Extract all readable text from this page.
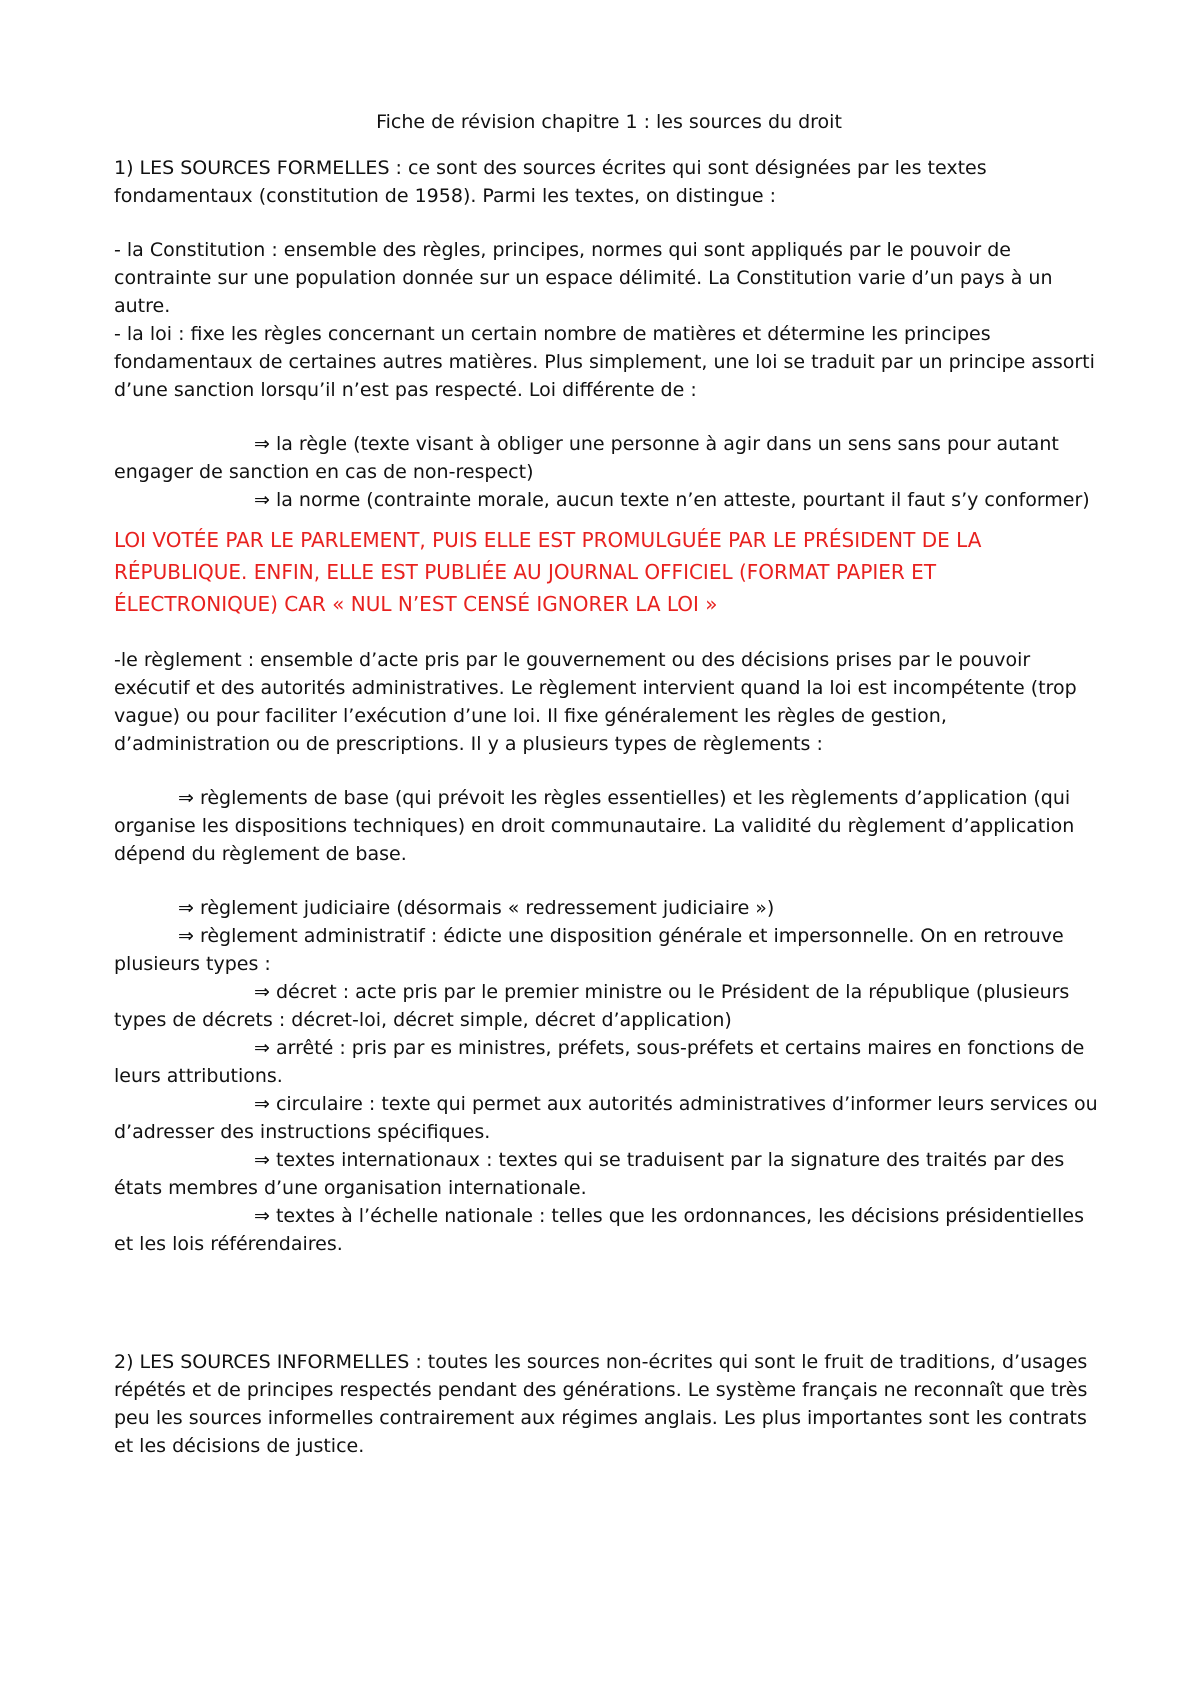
Fiche de révision chapitre 1 : les sources du droit

1) LES SOURCES FORMELLES : ce sont des sources écrites qui sont désignées par les textes fondamentaux (constitution de 1958). Parmi les textes, on distingue :

- la Constitution : ensemble des règles, principes, normes qui sont appliqués par le pouvoir de contrainte sur une population donnée sur un espace délimité. La Constitution varie d’un pays à un autre.

- la loi : fixe les règles concernant un certain nombre de matières et détermine les principes fondamentaux de certaines autres matières. Plus simplement, une loi se traduit par un principe assorti d’une sanction lorsqu’il n’est pas respecté. Loi différente de :

⇒ la règle (texte visant à obliger une personne à agir dans un sens sans pour autant engager de sanction en cas de non-respect)

⇒ la norme (contrainte morale, aucun texte n’en atteste, pourtant il faut s’y conformer)

LOI VOTÉE PAR LE PARLEMENT, PUIS ELLE EST PROMULGUÉE PAR LE PRÉSIDENT DE LA RÉPUBLIQUE. ENFIN, ELLE EST PUBLIÉE AU JOURNAL OFFICIEL (FORMAT PAPIER ET ÉLECTRONIQUE) CAR « NUL N’EST CENSÉ IGNORER LA LOI »

-le règlement : ensemble d’acte pris par le gouvernement ou des décisions prises par le pouvoir exécutif et des autorités administratives. Le règlement intervient quand la loi est incompétente (trop vague) ou pour faciliter l’exécution d’une loi. Il fixe généralement les règles de gestion, d’administration ou de prescriptions. Il y a plusieurs types de règlements :

⇒ règlements de base (qui prévoit les règles essentielles) et les règlements d’application (qui organise les dispositions techniques) en droit communautaire. La validité du règlement d’application dépend du règlement de base.

⇒ règlement judiciaire (désormais « redressement judiciaire »)

⇒ règlement administratif : édicte une disposition générale et impersonnelle. On en retrouve plusieurs types :

⇒ décret : acte pris par le premier ministre ou le Président de la république (plusieurs types de décrets : décret-loi, décret simple, décret d’application)

⇒ arrêté : pris par es ministres, préfets, sous-préfets et certains maires en fonctions de leurs attributions.

⇒ circulaire : texte qui permet aux autorités administratives d’informer leurs services ou d’adresser des instructions spécifiques.

⇒ textes internationaux : textes qui se traduisent par la signature des traités par des états membres d’une organisation internationale.

⇒ textes à l’échelle nationale : telles que les ordonnances, les décisions présidentielles et les lois référendaires.

2) LES SOURCES INFORMELLES : toutes les sources non-écrites qui sont le fruit de traditions, d’usages répétés et de principes respectés pendant des générations. Le système français ne reconnaît que très peu les sources informelles contrairement aux régimes anglais. Les plus importantes sont les contrats et les décisions de justice.
